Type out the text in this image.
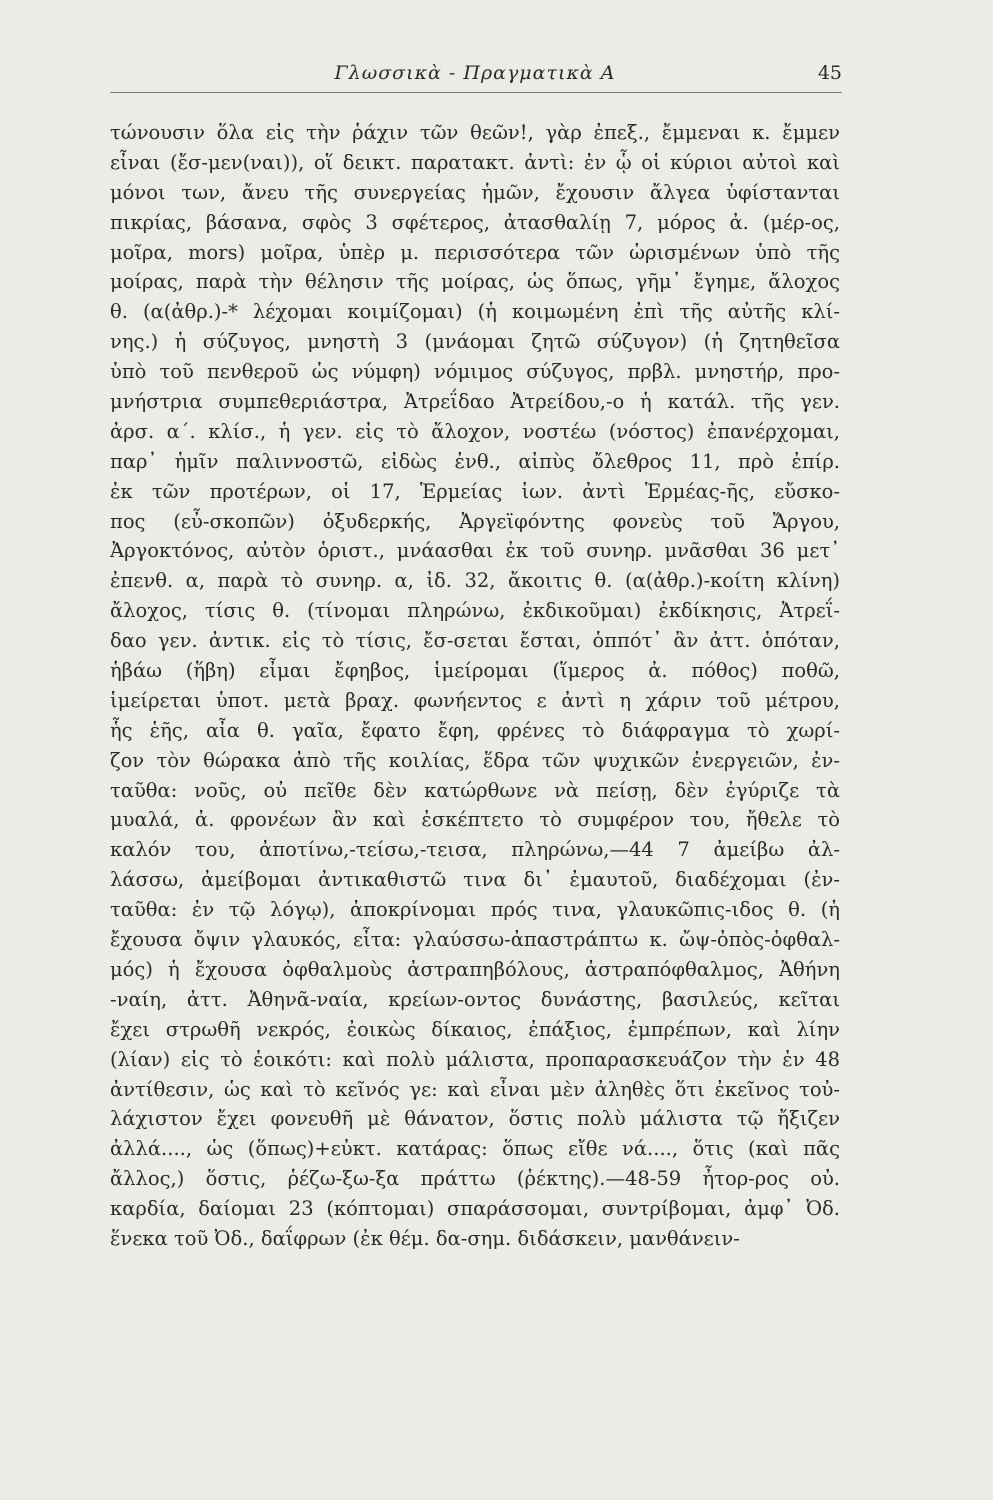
Γλωσσικὰ - Πραγματικὰ Α	45
τώνουσιν ὅλα εἰς τὴν ῥάχιν τῶν θεῶν!, γὰρ ἐπεξ., ἔμμεναι κ. ἔμμεν
εἶναι (ἔσ-μεν(ναι)), οἵ δεικτ. παρατακτ. ἀντὶ: ἐν ᾧ οἱ κύριοι αὐτοὶ καὶ
μόνοι των, ἄνευ τῆς συνεργείας ἡμῶν, ἔχουσιν ἄλγεα ὑφίστανται
πικρίας, βάσανα, σφὸς 3 σφέτερος, ἀτασθαλίῃ 7, μόρος ἀ. (μέρ-ος,
μοῖρα, mors) μοῖρα, ὑπὲρ μ. περισσότερα τῶν ὡρισμένων ὑπὸ τῆς
μοίρας, παρὰ τὴν θέλησιν τῆς μοίρας, ὡς ὅπως, γῆμ᾽ ἔγημε, ἄλοχος
θ. (α(ἀθρ.)-* λέχομαι κοιμίζομαι) (ἡ κοιμωμένη ἐπὶ τῆς αὐτῆς κλί-
νης.) ἡ σύζυγος, μνηστὴ 3 (μνάομαι ζητῶ σύζυγον) (ἡ ζητηθεῖσα
ὑπὸ τοῦ πενθεροῦ ὡς νύμφη) νόμιμος σύζυγος, πρβλ. μνηστήρ, προ-
μνήστρια συμπεθεριάστρα, Ἀτρεΐδαο Ἀτρείδου,-ο ἡ κατάλ. τῆς γεν.
ἀρσ. α΄. κλίσ., ἡ γεν. εἰς τὸ ἄλοχον, νοστέω (νόστος) ἐπανέρχομαι,
παρ᾽ ἡμῖν παλιννοστῶ, εἰδὼς ἐνθ., αἰπὺς ὄλεθρος 11, πρὸ ἐπίρ.
ἐκ τῶν προτέρων, οἱ 17, Ἑρμείας ἰων. ἀντὶ Ἑρμέας-ῆς, εὔσκο-
πος (εὖ-σκοπῶν) ὀξυδερκής, Ἀργεϊφόντης φονεὺς τοῦ Ἄργου,
Ἀργοκτόνος, αὐτὸν ὁριστ., μνάασθαι ἐκ τοῦ συνηρ. μνᾶσθαι 36 μετ᾽
ἐπενθ. α, παρὰ τὸ συνηρ. α, ἰδ. 32, ἄκοιτις θ. (α(ἀθρ.)-κοίτη κλίνη)
ἄλοχος, τίσις θ. (τίνομαι πληρώνω, ἐκδικοῦμαι) ἐκδίκησις, Ἀτρεΐ-
δαο γεν. ἀντικ. εἰς τὸ τίσις, ἔσ-σεται ἔσται, ὁππότ᾽ ἂν ἀττ. ὁπόταν,
ἡβάω (ἥβη) εἶμαι ἔφηβος, ἱμείρομαι (ἵμερος ἀ. πόθος) ποθῶ,
ἱμείρεται ὑποτ. μετὰ βραχ. φωνήεντος ε ἀντὶ η χάριν τοῦ μέτρου,
ἧς ἑῆς, αἶα θ. γαῖα, ἔφατο ἔφη, φρένες τὸ διάφραγμα τὸ χωρί-
ζον τὸν θώρακα ἀπὸ τῆς κοιλίας, ἕδρα τῶν ψυχικῶν ἐνεργειῶν, ἐν-
ταῦθα: νοῦς, οὐ πεῖθε δὲν κατώρθωνε νὰ πείσῃ, δὲν ἐγύριζε τὰ
μυαλά, ἀ. φρονέων ἂν καὶ ἐσκέπτετο τὸ συμφέρον του, ἤθελε τὸ
καλόν του, ἀποτίνω,-τείσω,-τεισα, πληρώνω,—44 7 ἀμείβω ἀλ-
λάσσω, ἀμείβομαι ἀντικαθιστῶ τινα δι᾽ ἐμαυτοῦ, διαδέχομαι (ἐν-
ταῦθα: ἐν τῷ λόγῳ), ἀποκρίνομαι πρός τινα, γλαυκῶπις-ιδος θ. (ἡ
ἔχουσα ὄψιν γλαυκός, εἶτα: γλαύσσω-ἀπαστράπτω κ. ὤψ-ὀπὸς-ὀφθαλ-
μός) ἡ ἔχουσα ὀφθαλμοὺς ἀστραπηβόλους, ἀστραπόφθαλμος, Ἀθήνη
-ναίη, ἀττ. Ἀθηνᾶ-ναία, κρείων-οντος δυνάστης, βασιλεύς, κεῖται
ἔχει στρωθῆ νεκρός, ἐοικὼς δίκαιος, ἐπάξιος, ἐμπρέπων, καὶ λίην
(λίαν) εἰς τὸ ἐοικότι: καὶ πολὺ μάλιστα, προπαρασκευάζον τὴν ἐν 48
ἀντίθεσιν, ὡς καὶ τὸ κεῖνός γε: καὶ εἶναι μὲν ἀληθὲς ὅτι ἐκεῖνος τοὐ-
λάχιστον ἔχει φονευθῆ μὲ θάνατον, ὅστις πολὺ μάλιστα τῷ ἤξιζεν
ἀλλά...., ὡς (ὅπως)+εὐκτ. κατάρας: ὅπως εἴθε νά...., ὅτις (καὶ πᾶς
ἄλλος,) ὅστις, ῥέζω-ξω-ξα πράττω (ῥέκτης).—48-59 ἦτορ-ρος οὐ.
καρδία, δαίομαι 23 (κόπτομαι) σπαράσσομαι, συντρίβομαι, ἀμφ᾽ Ὀδ.
ἕνεκα τοῦ Ὀδ., δαΐφρων (ἐκ θέμ. δα-σημ. διδάσκειν, μανθάνειν-
